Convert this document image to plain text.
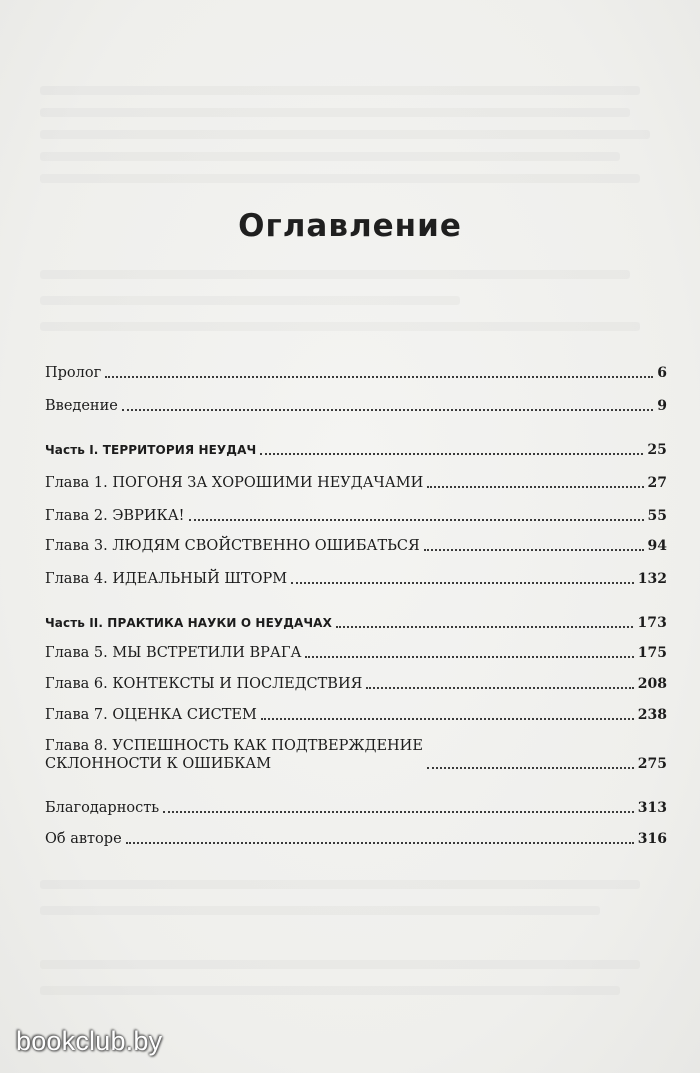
Оглавление
Пролог	6
Введение	9
Часть I. ТЕРРИТОРИЯ НЕУДАЧ	25
Глава 1. ПОГОНЯ ЗА ХОРОШИМИ НЕУДАЧАМИ	27
Глава 2. ЭВРИКА!	55
Глава 3. ЛЮДЯМ СВОЙСТВЕННО ОШИБАТЬСЯ	94
Глава 4. ИДЕАЛЬНЫЙ ШТОРМ	132
Часть II. ПРАКТИКА НАУКИ О НЕУДАЧАХ	173
Глава 5. МЫ ВСТРЕТИЛИ ВРАГА	175
Глава 6. КОНТЕКСТЫ И ПОСЛЕДСТВИЯ	208
Глава 7. ОЦЕНКА СИСТЕМ	238
Глава 8. УСПЕШНОСТЬ КАК ПОДТВЕРЖДЕНИЕ
СКЛОННОСТИ К ОШИБКАМ	275
Благодарность	313
Об авторе	316
bookclub.by
